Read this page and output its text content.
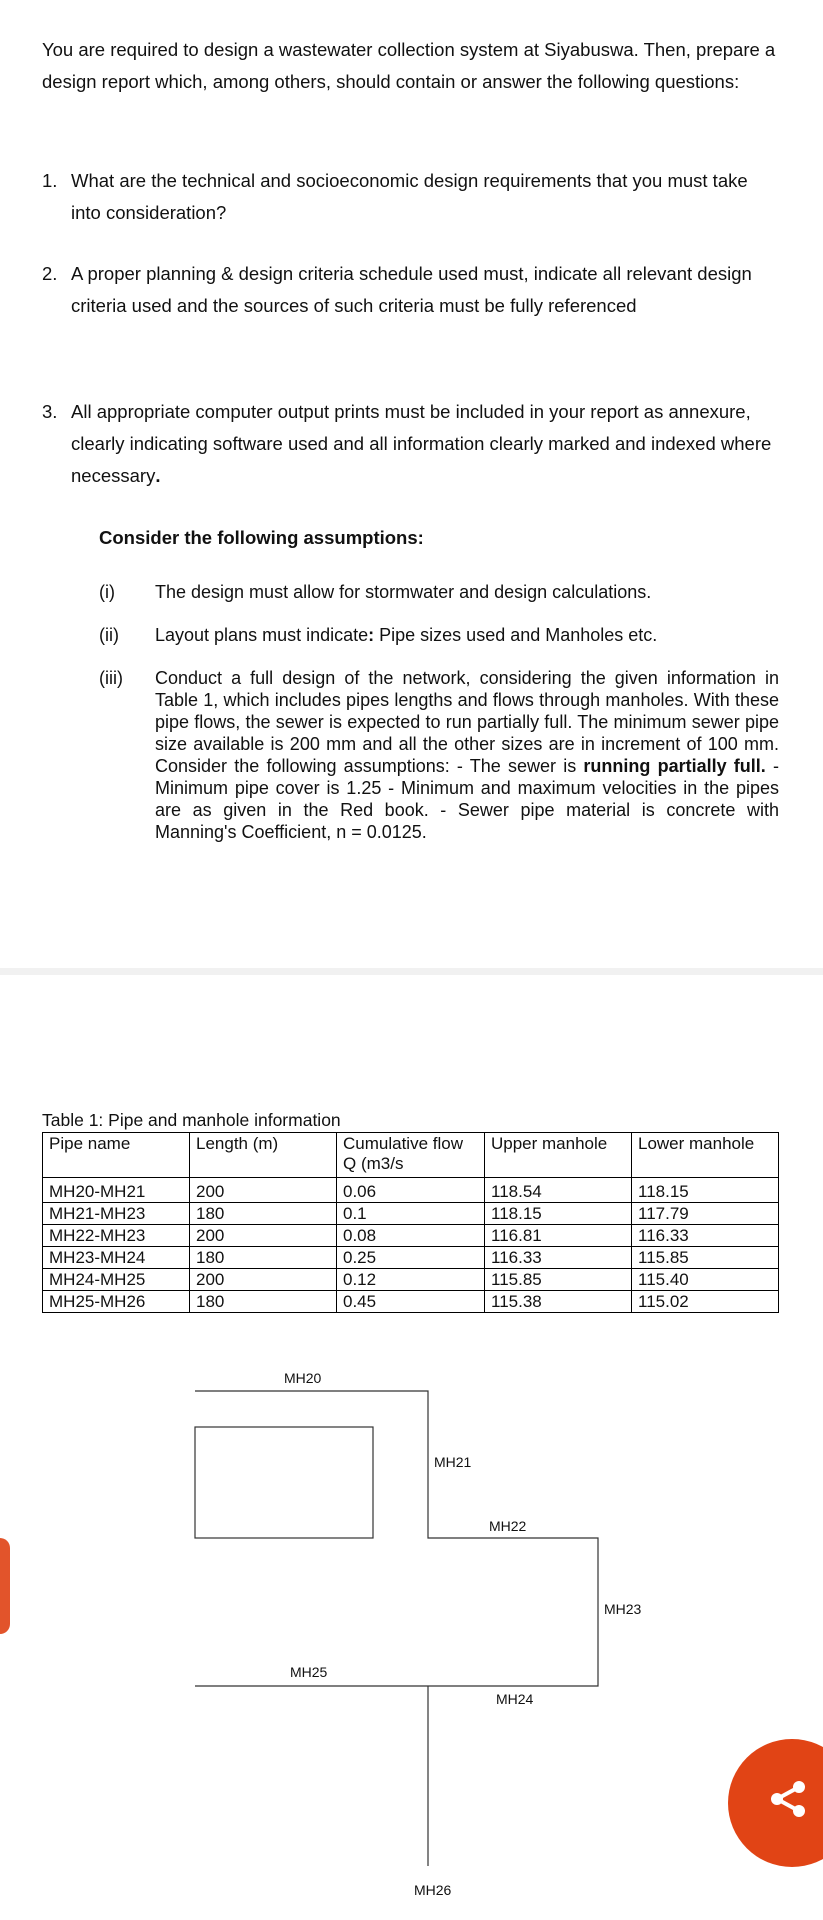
You are required to design a wastewater collection system at Siyabuswa. Then, prepare a design report which, among others, should contain or answer the following questions:
1. What are the technical and socioeconomic design requirements that you must take into consideration?
2. A proper planning & design criteria schedule used must, indicate all relevant design criteria used and the sources of such criteria must be fully referenced
3. All appropriate computer output prints must be included in your report as annexure, clearly indicating software used and all information clearly marked and indexed where necessary.
Consider the following assumptions:
(i) The design must allow for stormwater and design calculations.
(ii) Layout plans must indicate: Pipe sizes used and Manholes etc.
(iii) Conduct a full design of the network, considering the given information in Table 1, which includes pipes lengths and flows through manholes. With these pipe flows, the sewer is expected to run partially full. The minimum sewer pipe size available is 200 mm and all the other sizes are in increment of 100 mm. Consider the following assumptions: - The sewer is running partially full. - Minimum pipe cover is 1.25 - Minimum and maximum velocities in the pipes are as given in the Red book. - Sewer pipe material is concrete with Manning's Coefficient, n = 0.0125.
Table 1: Pipe and manhole information
Pipe name	Length (m)	Cumulative flow Q (m3/s	Upper manhole	Lower manhole
MH20-MH21	200	0.06	118.54	118.15
MH21-MH23	180	0.1	118.15	117.79
MH22-MH23	200	0.08	116.81	116.33
MH23-MH24	180	0.25	116.33	115.85
MH24-MH25	200	0.12	115.85	115.40
MH25-MH26	180	0.45	115.38	115.02
MH20
MH21
MH22
MH23
MH24
MH25
MH26
